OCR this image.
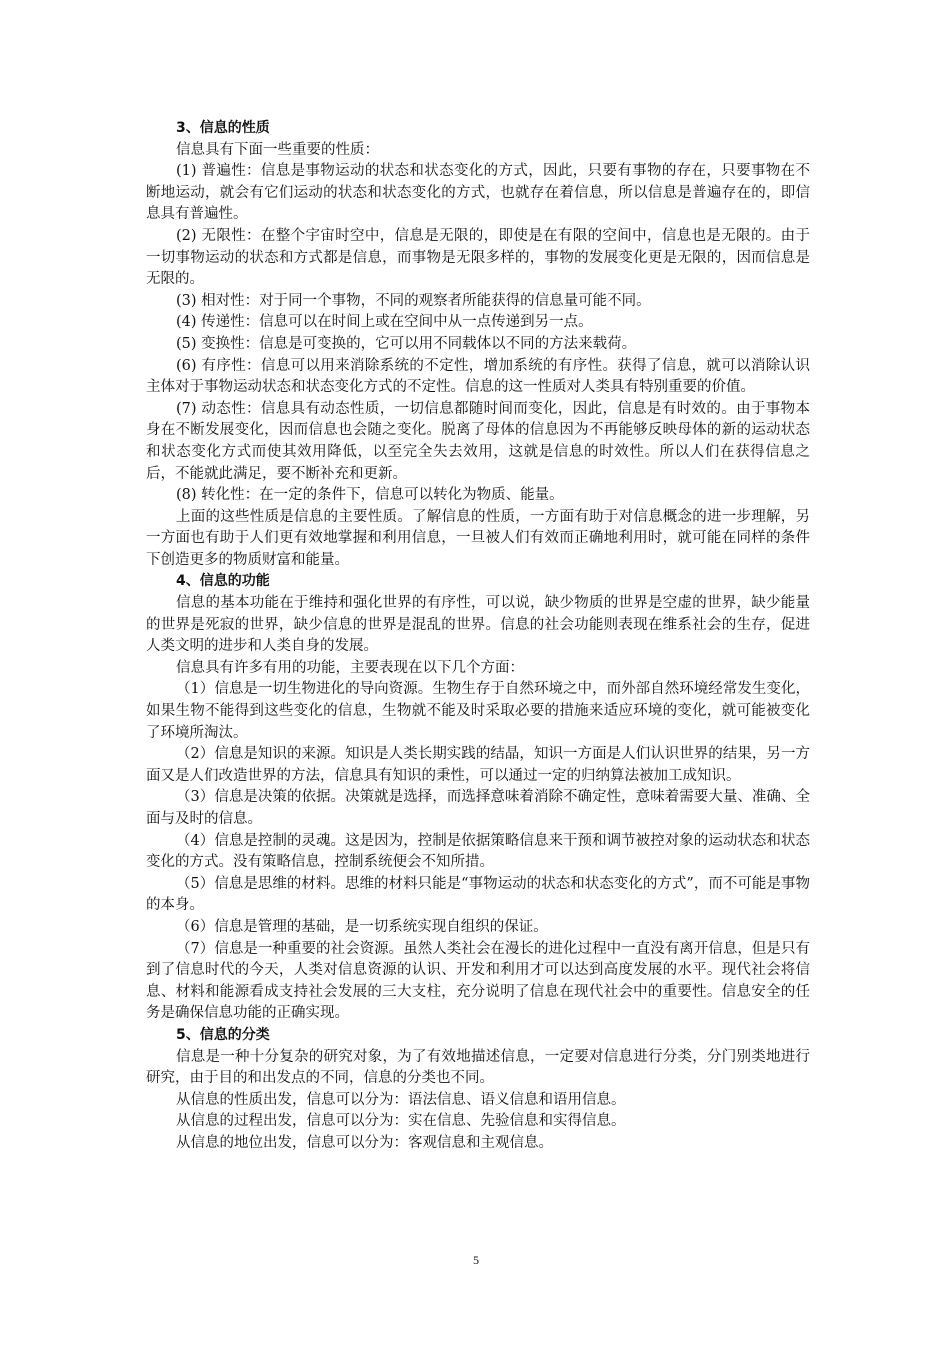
3、信息的性质

信息具有下面一些重要的性质：

(1) 普遍性：信息是事物运动的状态和状态变化的方式，因此，只要有事物的存在，只要事物在不断地运动，就会有它们运动的状态和状态变化的方式，也就存在着信息，所以信息是普遍存在的，即信息具有普遍性。

(2) 无限性：在整个宇宙时空中，信息是无限的，即使是在有限的空间中，信息也是无限的。由于一切事物运动的状态和方式都是信息，而事物是无限多样的，事物的发展变化更是无限的，因而信息是无限的。

(3) 相对性：对于同一个事物，不同的观察者所能获得的信息量可能不同。

(4) 传递性：信息可以在时间上或在空间中从一点传递到另一点。

(5) 变换性：信息是可变换的，它可以用不同载体以不同的方法来载荷。

(6) 有序性：信息可以用来消除系统的不定性，增加系统的有序性。获得了信息，就可以消除认识主体对于事物运动状态和状态变化方式的不定性。信息的这一性质对人类具有特别重要的价值。

(7) 动态性：信息具有动态性质，一切信息都随时间而变化，因此，信息是有时效的。由于事物本身在不断发展变化，因而信息也会随之变化。脱离了母体的信息因为不再能够反映母体的新的运动状态和状态变化方式而使其效用降低，以至完全失去效用，这就是信息的时效性。所以人们在获得信息之后，不能就此满足，要不断补充和更新。

(8) 转化性：在一定的条件下，信息可以转化为物质、能量。

上面的这些性质是信息的主要性质。了解信息的性质，一方面有助于对信息概念的进一步理解，另一方面也有助于人们更有效地掌握和利用信息，一旦被人们有效而正确地利用时，就可能在同样的条件下创造更多的物质财富和能量。

4、信息的功能

信息的基本功能在于维持和强化世界的有序性，可以说，缺少物质的世界是空虚的世界，缺少能量的世界是死寂的世界，缺少信息的世界是混乱的世界。信息的社会功能则表现在维系社会的生存，促进人类文明的进步和人类自身的发展。

信息具有许多有用的功能，主要表现在以下几个方面：

（1）信息是一切生物进化的导向资源。生物生存于自然环境之中，而外部自然环境经常发生变化，如果生物不能得到这些变化的信息，生物就不能及时采取必要的措施来适应环境的变化，就可能被变化了环境所淘汰。

（2）信息是知识的来源。知识是人类长期实践的结晶，知识一方面是人们认识世界的结果，另一方面又是人们改造世界的方法，信息具有知识的秉性，可以通过一定的归纳算法被加工成知识。

（3）信息是决策的依据。决策就是选择，而选择意味着消除不确定性，意味着需要大量、准确、全面与及时的信息。

（4）信息是控制的灵魂。这是因为，控制是依据策略信息来干预和调节被控对象的运动状态和状态变化的方式。没有策略信息，控制系统便会不知所措。

（5）信息是思维的材料。思维的材料只能是“事物运动的状态和状态变化的方式”，而不可能是事物的本身。

（6）信息是管理的基础，是一切系统实现自组织的保证。

（7）信息是一种重要的社会资源。虽然人类社会在漫长的进化过程中一直没有离开信息，但是只有到了信息时代的今天，人类对信息资源的认识、开发和利用才可以达到高度发展的水平。现代社会将信息、材料和能源看成支持社会发展的三大支柱，充分说明了信息在现代社会中的重要性。信息安全的任务是确保信息功能的正确实现。

5、信息的分类

信息是一种十分复杂的研究对象，为了有效地描述信息，一定要对信息进行分类，分门别类地进行研究，由于目的和出发点的不同，信息的分类也不同。

从信息的性质出发，信息可以分为：语法信息、语义信息和语用信息。

从信息的过程出发，信息可以分为：实在信息、先验信息和实得信息。

从信息的地位出发，信息可以分为：客观信息和主观信息。

5
